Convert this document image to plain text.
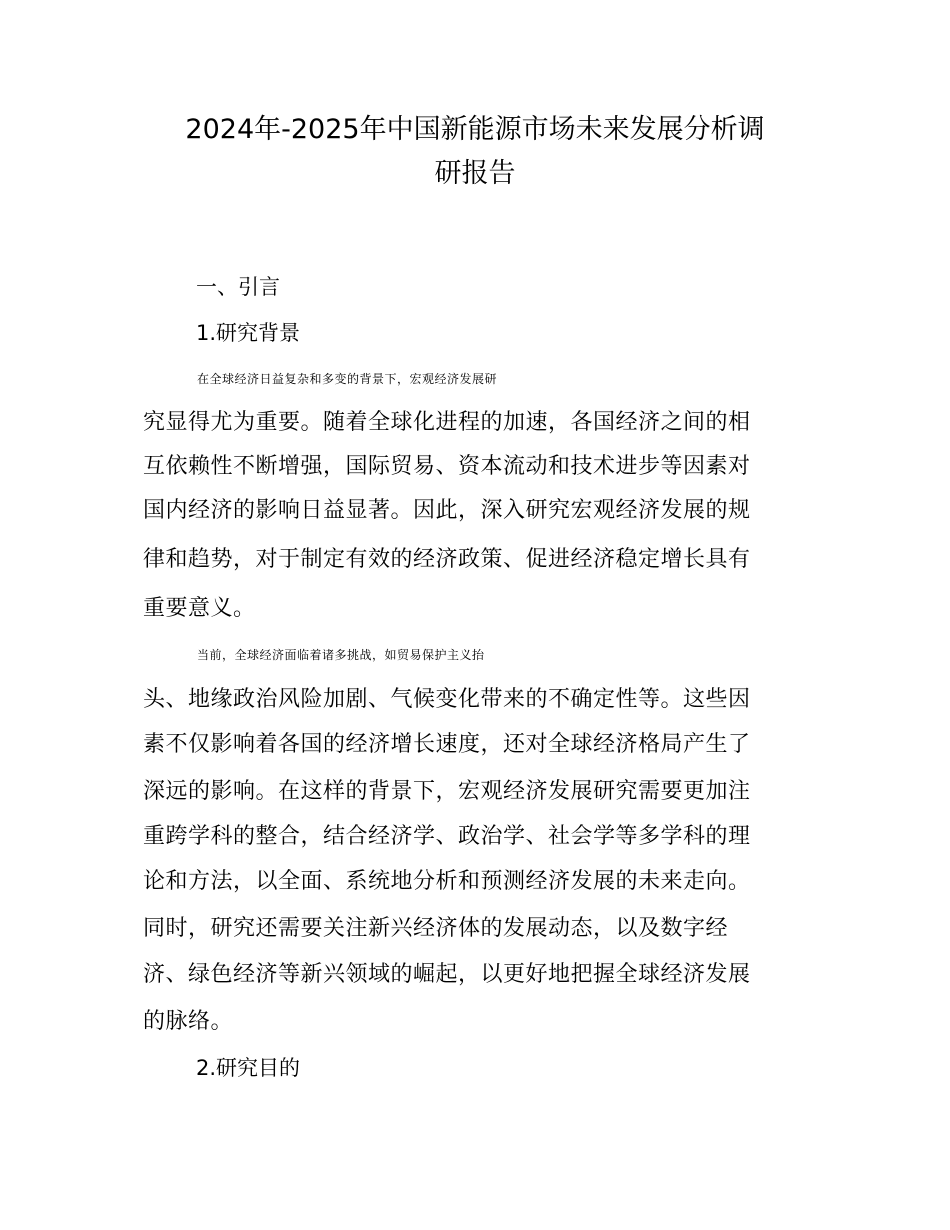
2024年-2025年中国新能源市场未来发展分析调
研报告
一、引言
1.研究背景

在全球经济日益复杂和多变的背景下，宏观经济发展研

究显得尤为重要。随着全球化进程的加速，各国经济之间的相

互依赖性不断增强，国际贸易、资本流动和技术进步等因素对

国内经济的影响日益显著。因此，深入研究宏观经济发展的规

律和趋势，对于制定有效的经济政策、促进经济稳定增长具有

重要意义。

当前，全球经济面临着诸多挑战，如贸易保护主义抬

头、地缘政治风险加剧、气候变化带来的不确定性等。这些因

素不仅影响着各国的经济增长速度，还对全球经济格局产生了

深远的影响。在这样的背景下，宏观经济发展研究需要更加注

重跨学科的整合，结合经济学、政治学、社会学等多学科的理

论和方法，以全面、系统地分析和预测经济发展的未来走向。

同时，研究还需要关注新兴经济体的发展动态，以及数字经

济、绿色经济等新兴领域的崛起，以更好地把握全球经济发展

的脉络。

2.研究目的
